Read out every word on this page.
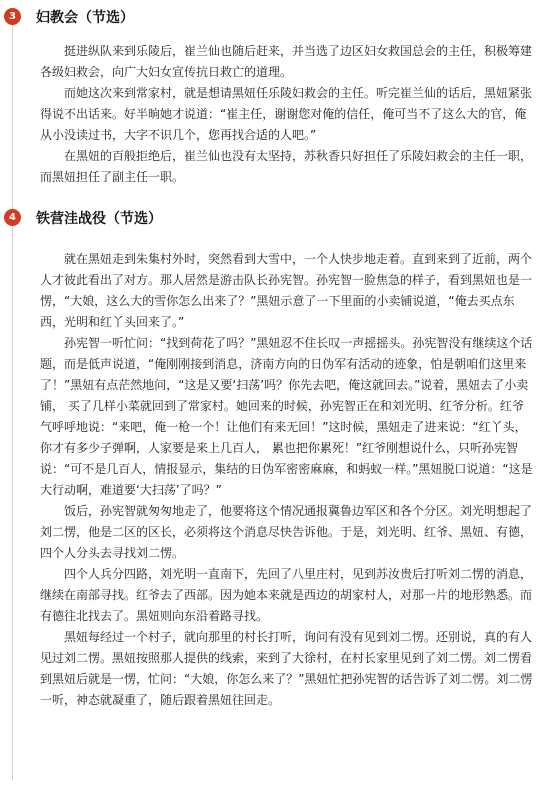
3	妇教会（节选）

挺进纵队来到乐陵后，崔兰仙也随后赶来，并当选了边区妇女救国总会的主任，积极筹建各级妇救会，向广大妇女宣传抗日救亡的道理。

而她这次来到常家村，就是想请黑妞任乐陵妇救会的主任。听完崔兰仙的话后，黑妞紧张得说不出话来。好半晌她才说道：“崔主任，谢谢您对俺的信任，俺可当不了这么大的官，俺从小没读过书，大字不识几个，您再找合适的人吧。”

在黑妞的百般拒绝后，崔兰仙也没有太坚持，苏秋香只好担任了乐陵妇救会的主任一职，而黑妞担任了副主任一职。

4	铁营洼战役（节选）

就在黑妞走到朱集村外时，突然看到大雪中，一个人快步地走着。直到来到了近前，两个人才彼此看出了对方。那人居然是游击队长孙宪智。孙宪智一脸焦急的样子，看到黑妞也是一愣，“大娘，这么大的雪你怎么出来了？”黑妞示意了一下里面的小卖铺说道，“俺去买点东西，光明和红丫头回来了。”

孙宪智一听忙问：“找到荷花了吗？”黑妞忍不住长叹一声摇摇头。孙宪智没有继续这个话题，而是低声说道，“俺刚刚接到消息，济南方向的日伪军有活动的迹象，怕是朝咱们这里来了！”黑妞有点茫然地问，“这是又要‘扫荡’吗？你先去吧，俺这就回去。”说着，黑妞去了小卖铺， 买了几样小菜就回到了常家村。她回来的时候，孙宪智正在和刘光明、红爷分析。红爷气呼呼地说：“来吧，俺一枪一个！让他们有来无回！”这时候，黑妞走了进来说：“红丫头，你才有多少子弹啊，人家要是来上几百人， 累也把你累死！”红爷刚想说什么，只听孙宪智说：“可不是几百人，情报显示，集结的日伪军密密麻麻，和蚂蚁一样。”黑妞脱口说道：“这是大行动啊，难道要‘大扫荡’了吗？”

饭后，孙宪智就匆匆地走了，他要将这个情况通报冀鲁边军区和各个分区。刘光明想起了刘二愣，他是二区的区长，必须将这个消息尽快告诉他。于是，刘光明、红爷、黑妞、有德，四个人分头去寻找刘二愣。

四个人兵分四路，刘光明一直南下，先回了八里庄村，见到苏汝贵后打听刘二愣的消息，继续在南部寻找。红爷去了西部。因为她本来就是西边的胡家村人，对那一片的地形熟悉。而有德往北找去了。黑妞则向东沿着路寻找。

黑妞每经过一个村子，就向那里的村长打听，询问有没有见到刘二愣。还别说，真的有人见过刘二愣。黑妞按照那人提供的线索，来到了大徐村，在村长家里见到了刘二愣。刘二愣看到黑妞后就是一愣，忙问：“大娘，你怎么来了？”黑妞忙把孙宪智的话告诉了刘二愣。刘二愣一听，神态就凝重了，随后跟着黑妞往回走。
